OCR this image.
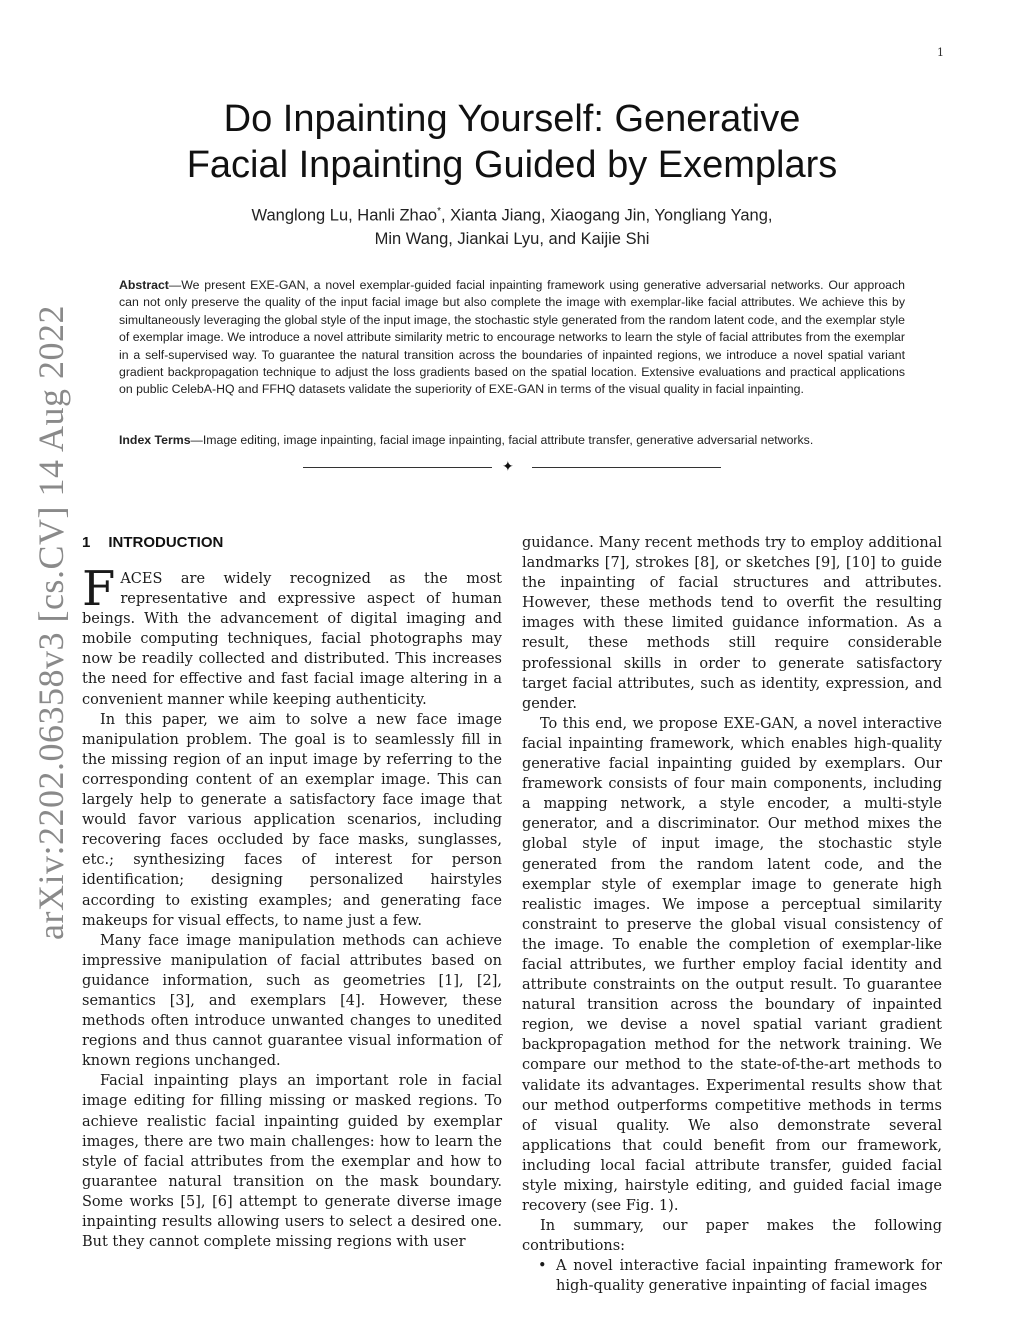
1
arXiv:2202.06358v3 [cs.CV] 14 Aug 2022
Do Inpainting Yourself: Generative
Facial Inpainting Guided by Exemplars
Wanglong Lu, Hanli Zhao*, Xianta Jiang, Xiaogang Jin, Yongliang Yang,
Min Wang, Jiankai Lyu, and Kaijie Shi

Abstract—We present EXE-GAN, a novel exemplar-guided facial inpainting framework using generative adversarial networks. Our approach can not only preserve the quality of the input facial image but also complete the image with exemplar-like facial attributes. We achieve this by simultaneously leveraging the global style of the input image, the stochastic style generated from the random latent code, and the exemplar style of exemplar image. We introduce a novel attribute similarity metric to encourage networks to learn the style of facial attributes from the exemplar in a self-supervised way. To guarantee the natural transition across the boundaries of inpainted regions, we introduce a novel spatial variant gradient backpropagation technique to adjust the loss gradients based on the spatial location. Extensive evaluations and practical applications on public CelebA-HQ and FFHQ datasets validate the superiority of EXE-GAN in terms of the visual quality in facial inpainting.

Index Terms—Image editing, image inpainting, facial image inpainting, facial attribute transfer, generative adversarial networks.

✦
1 INTRODUCTION

FACES are widely recognized as the most representative and expressive aspect of human beings. With the advancement of digital imaging and mobile computing techniques, facial photographs may now be readily collected and distributed. This increases the need for effective and fast facial image altering in a convenient manner while keeping authenticity.

In this paper, we aim to solve a new face image manipulation problem. The goal is to seamlessly fill in the missing region of an input image by referring to the corresponding content of an exemplar image. This can largely help to generate a satisfactory face image that would favor various application scenarios, including recovering faces occluded by face masks, sunglasses, etc.; synthesizing faces of interest for person identification; designing personalized hairstyles according to existing examples; and generating face makeups for visual effects, to name just a few.

Many face image manipulation methods can achieve impressive manipulation of facial attributes based on guidance information, such as geometries [1], [2], semantics [3], and exemplars [4]. However, these methods often introduce unwanted changes to unedited regions and thus cannot guarantee visual information of known regions unchanged.

Facial inpainting plays an important role in facial image editing for filling missing or masked regions. To achieve realistic facial inpainting guided by exemplar images, there are two main challenges: how to learn the style of facial attributes from the exemplar and how to guarantee natural transition on the mask boundary. Some works [5], [6] attempt to generate diverse image inpainting results allowing users to select a desired one. But they cannot complete missing regions with user

guidance. Many recent methods try to employ additional landmarks [7], strokes [8], or sketches [9], [10] to guide the inpainting of facial structures and attributes. However, these methods tend to overfit the resulting images with these limited guidance information. As a result, these methods still require considerable professional skills in order to generate satisfactory target facial attributes, such as identity, expression, and gender.

To this end, we propose EXE-GAN, a novel interactive facial inpainting framework, which enables high-quality generative facial inpainting guided by exemplars. Our framework consists of four main components, including a mapping network, a style encoder, a multi-style generator, and a discriminator. Our method mixes the global style of input image, the stochastic style generated from the random latent code, and the exemplar style of exemplar image to generate high realistic images. We impose a perceptual similarity constraint to preserve the global visual consistency of the image. To enable the completion of exemplar-like facial attributes, we further employ facial identity and attribute constraints on the output result. To guarantee natural transition across the boundary of inpainted region, we devise a novel spatial variant gradient backpropagation method for the network training. We compare our method to the state-of-the-art methods to validate its advantages. Experimental results show that our method outperforms competitive methods in terms of visual quality. We also demonstrate several applications that could benefit from our framework, including local facial attribute transfer, guided facial style mixing, hairstyle editing, and guided facial image recovery (see Fig. 1).

In summary, our paper makes the following contributions:

• A novel interactive facial inpainting framework for high-quality generative inpainting of facial images
